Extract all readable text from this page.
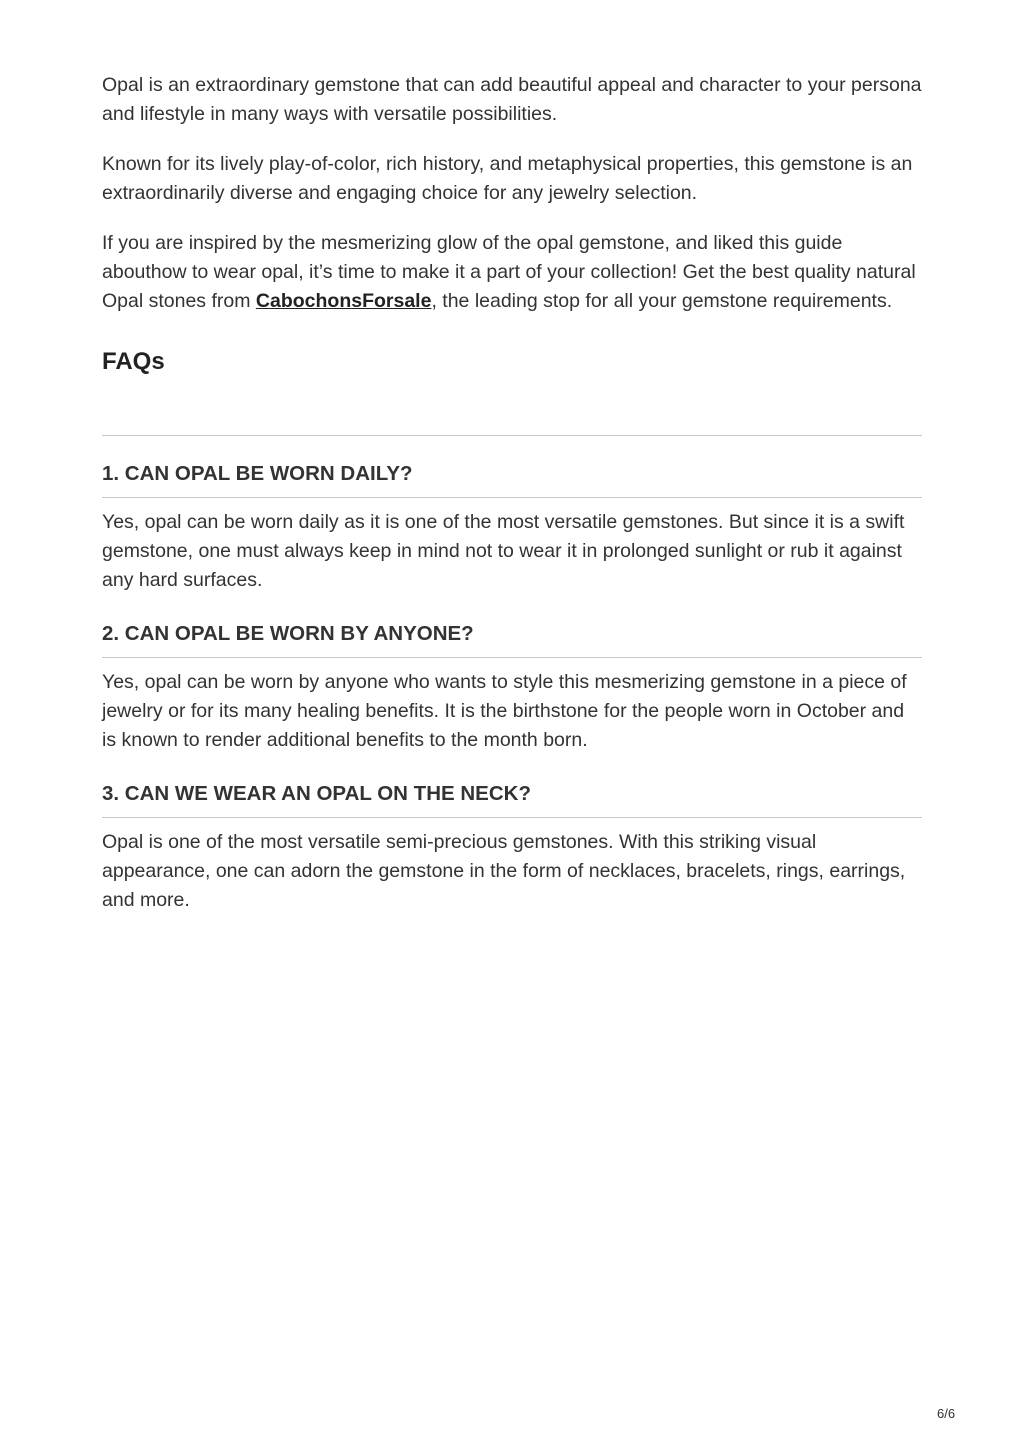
Opal is an extraordinary gemstone that can add beautiful appeal and character to your persona and lifestyle in many ways with versatile possibilities.

Known for its lively play-of-color, rich history, and metaphysical properties, this gemstone is an extraordinarily diverse and engaging choice for any jewelry selection.

If you are inspired by the mesmerizing glow of the opal gemstone, and liked this guide abouthow to wear opal, it’s time to make it a part of your collection! Get the best quality natural Opal stones from CabochonsForsale, the leading stop for all your gemstone requirements.

FAQs
1. CAN OPAL BE WORN DAILY?

Yes, opal can be worn daily as it is one of the most versatile gemstones. But since it is a swift gemstone, one must always keep in mind not to wear it in prolonged sunlight or rub it against any hard surfaces.

2. CAN OPAL BE WORN BY ANYONE?

Yes, opal can be worn by anyone who wants to style this mesmerizing gemstone in a piece of jewelry or for its many healing benefits. It is the birthstone for the people worn in October and is known to render additional benefits to the month born.

3. CAN WE WEAR AN OPAL ON THE NECK?

Opal is one of the most versatile semi-precious gemstones. With this striking visual appearance, one can adorn the gemstone in the form of necklaces, bracelets, rings, earrings, and more.

6/6
